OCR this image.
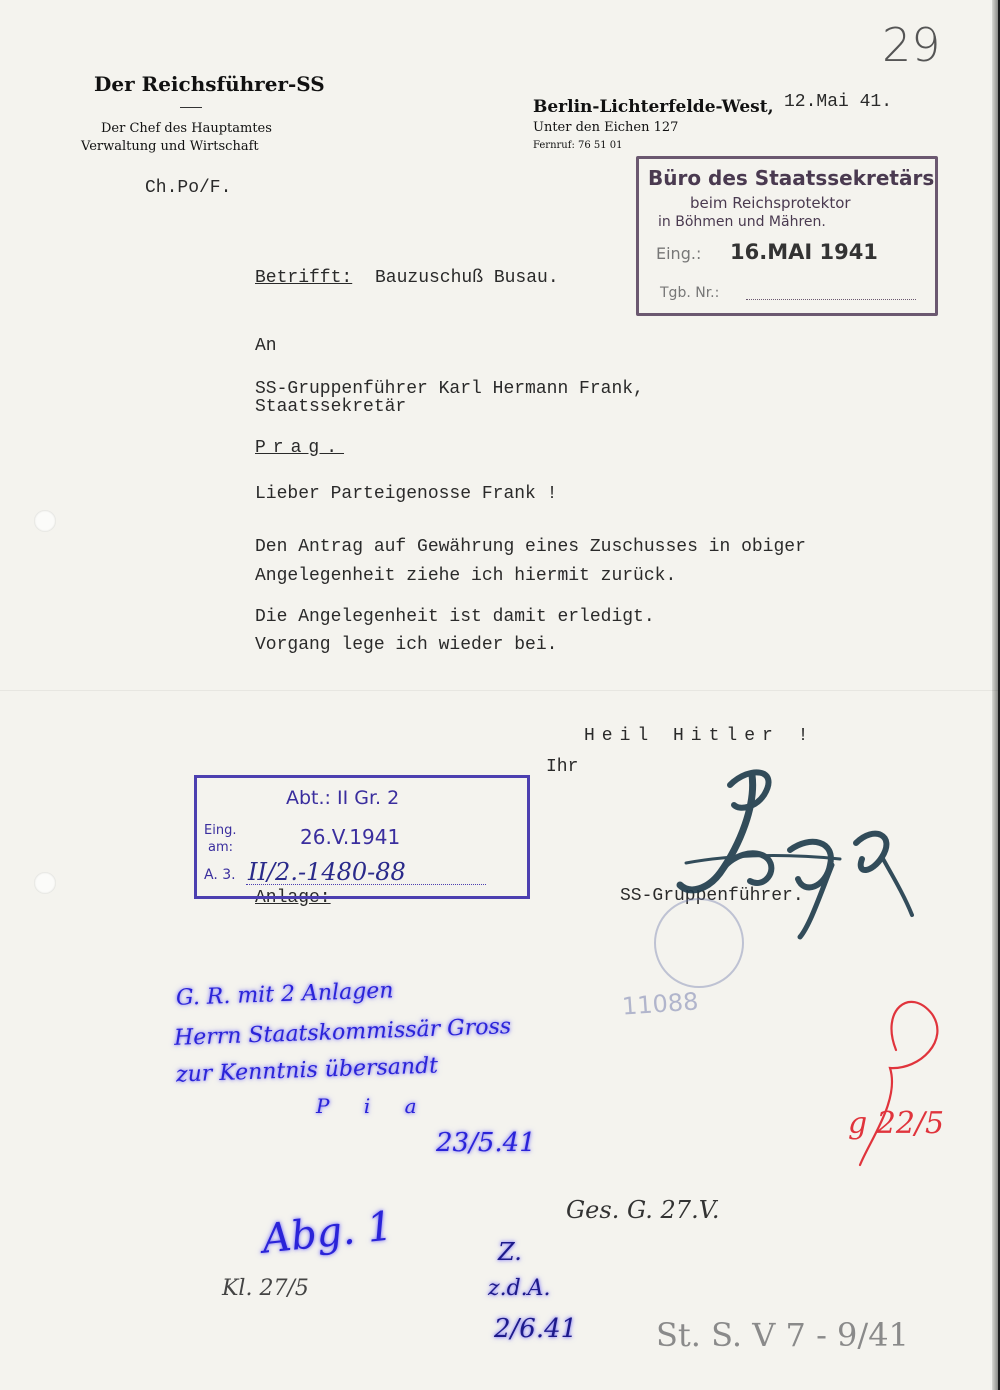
29
Der Reichsführer-SS
Der Chef des Hauptamtes
Verwaltung und Wirtschaft
Ch.Po/F.
Berlin-Lichterfelde-West,
Unter den Eichen 127
Fernruf: 76 51 01
12.Mai 41.
Büro des Staatssekretärs
beim Reichsprotektor
in Böhmen und Mähren.
Eing.: 16.MAI 1941
Tgb. Nr.:
Betrifft: Bauzuschuß Busau.
An
SS-Gruppenführer Karl Hermann Frank,
Staatssekretär
Prag.
Lieber Parteigenosse Frank !
Den Antrag auf Gewährung eines Zuschusses in obiger
Angelegenheit ziehe ich hiermit zurück.
Die Angelegenheit ist damit erledigt.
Vorgang lege ich wieder bei.
Heil Hitler !
Ihr
SS-Gruppenführer.
Anlage:
Abt.: II Gr. 2
Eing.
am:	26.V.1941
A. 3. II/2.-1480-88
11088
G. R. mit 2 Anlagen
Herrn Staatskommissär Gross
zur Kenntnis übersandt
P i a
23/5.41
Abg. 1
Kl. 27/5
Ges. G. 27.V.
Z.
z.d.A.
2/6.41
g 22/5
St. S. V 7 - 9/41
